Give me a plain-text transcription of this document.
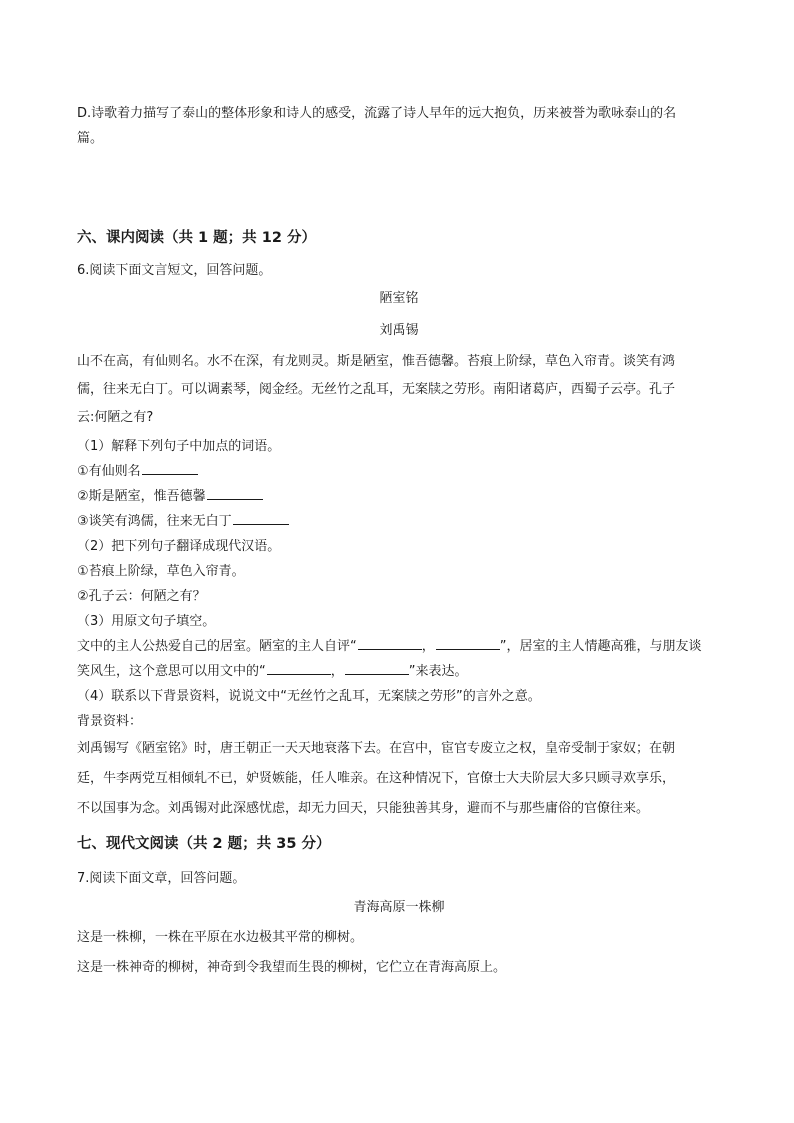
D.诗歌着力描写了泰山的整体形象和诗人的感受，流露了诗人早年的远大抱负，历来被誉为歌咏泰山的名

篇。

六、课内阅读（共 1 题；共 12 分）

6.阅读下面文言短文，回答问题。

陋室铭

刘禹锡

山不在高，有仙则名。水不在深，有龙则灵。斯是陋室，惟吾德馨。苔痕上阶绿，草色入帘青。谈笑有鸿

儒，往来无白丁。可以调素琴，阅金经。无丝竹之乱耳，无案牍之劳形。南阳诸葛庐，西蜀子云亭。孔子

云:何陋之有?

（1）解释下列句子中加点的词语。

①有仙则名

②斯是陋室，惟吾德馨

③谈笑有鸿儒，往来无白丁

（2）把下列句子翻译成现代汉语。

①苔痕上阶绿，草色入帘青。

②孔子云：何陋之有？

（3）用原文句子填空。

文中的主人公热爱自己的居室。陋室的主人自评“	，	”，居室的主人情趣高雅，与朋友谈

笑风生，这个意思可以用文中的“	，	”来表达。

（4）联系以下背景资料，说说文中“无丝竹之乱耳，无案牍之劳形”的言外之意。

背景资料：

刘禹锡写《陋室铭》时，唐王朝正一天天地衰落下去。在宫中，宦官专废立之权，皇帝受制于家奴；在朝

廷，牛李两党互相倾轧不已，妒贤嫉能，任人唯亲。在这种情况下，官僚士大夫阶层大多只顾寻欢享乐，

不以国事为念。刘禹锡对此深感忧虑，却无力回天，只能独善其身，避而不与那些庸俗的官僚往来。

七、现代文阅读（共 2 题；共 35 分）

7.阅读下面文章，回答问题。

青海高原一株柳

这是一株柳，一株在平原在水边极其平常的柳树。

这是一株神奇的柳树，神奇到令我望而生畏的柳树，它伫立在青海高原上。
